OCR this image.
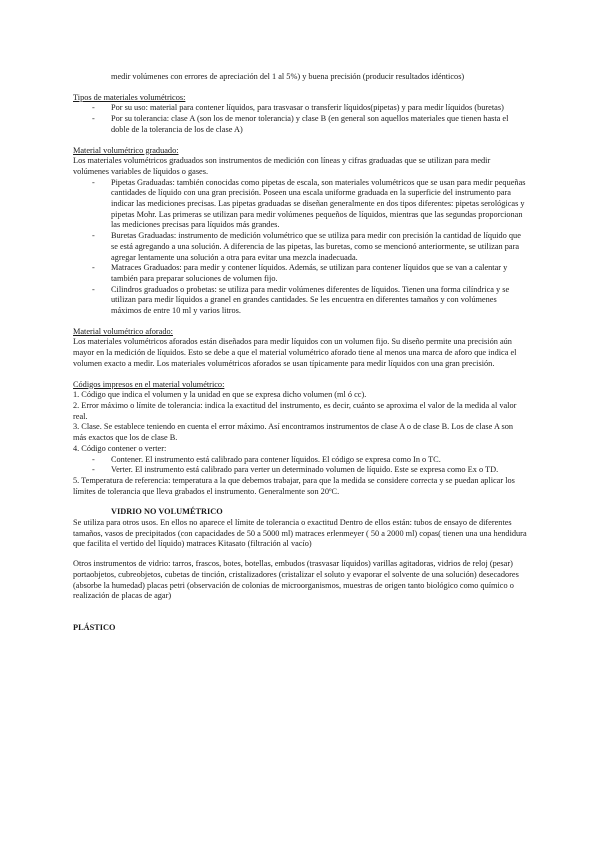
medir volúmenes con errores de apreciación del 1 al 5%) y buena precisión (producir resultados idénticos)

Tipos de materiales volumétricos:

- Por su uso: material para contener líquidos, para trasvasar o transferir líquidos(pipetas) y para medir líquidos (buretas)
- Por su tolerancia: clase A (son los de menor tolerancia) y clase B (en general son aquellos materiales que tienen hasta el doble de la tolerancia de los de clase A)

Material volumétrico graduado:

Los materiales volumétricos graduados son instrumentos de medición con líneas y cifras graduadas que se utilizan para medir volúmenes variables de líquidos o gases.

- Pipetas Graduadas: también conocidas como pipetas de escala, son materiales volumétricos que se usan para medir pequeñas cantidades de líquido con una gran precisión. Poseen una escala uniforme graduada en la superficie del instrumento para indicar las mediciones precisas. Las pipetas graduadas se diseñan generalmente en dos tipos diferentes: pipetas serológicas y pipetas Mohr. Las primeras se utilizan para medir volúmenes pequeños de líquidos, mientras que las segundas proporcionan las mediciones precisas para líquidos más grandes.
- Buretas Graduadas: instrumento de medición volumétrico que se utiliza para medir con precisión la cantidad de líquido que se está agregando a una solución. A diferencia de las pipetas, las buretas, como se mencionó anteriormente, se utilizan para agregar lentamente una solución a otra para evitar una mezcla inadecuada.
- Matraces Graduados: para medir y contener líquidos. Además, se utilizan para contener líquidos que se van a calentar y también para preparar soluciones de volumen fijo.
- Cilindros graduados o probetas: se utiliza para medir volúmenes diferentes de líquidos. Tienen una forma cilíndrica y se utilizan para medir líquidos a granel en grandes cantidades. Se les encuentra en diferentes tamaños y con volúmenes máximos de entre 10 ml y varios litros.

Material volumétrico aforado:

Los materiales volumétricos aforados están diseñados para medir líquidos con un volumen fijo. Su diseño permite una precisión aún mayor en la medición de líquidos. Esto se debe a que el material volumétrico aforado tiene al menos una marca de aforo que indica el volumen exacto a medir. Los materiales volumétricos aforados se usan típicamente para medir líquidos con una gran precisión.

Códigos impresos en el material volumétrico:

1. Código que indica el volumen y la unidad en que se expresa dicho volumen (ml ó cc).

2. Error máximo o límite de tolerancia: indica la exactitud del instrumento, es decir, cuánto se aproxima el valor de la medida al valor real.

3. Clase. Se establece teniendo en cuenta el error máximo. Así encontramos instrumentos de clase A o de clase B. Los de clase A son más exactos que los de clase B.

4. Código contener o verter:

- Contener. El instrumento está calibrado para contener líquidos. El código se expresa como In o TC.
- Verter. El instrumento está calibrado para verter un determinado volumen de líquido. Este se expresa como Ex o TD.

5. Temperatura de referencia: temperatura a la que debemos trabajar, para que la medida se considere correcta y se puedan aplicar los límites de tolerancia que lleva grabados el instrumento. Generalmente son 20ºC.

VIDRIO NO VOLUMÉTRICO

Se utiliza para otros usos. En ellos no aparece el límite de tolerancia o exactitud Dentro de ellos están: tubos de ensayo de diferentes tamaños, vasos de precipitados (con capacidades de 50 a 5000 ml) matraces erlenmeyer ( 50 a 2000 ml) copas( tienen una una hendidura que facilita el vertido del líquido) matraces Kitasato (filtración al vacío)

Otros instrumentos de vidrio: tarros, frascos, botes, botellas, embudos (trasvasar líquidos) varillas agitadoras, vidrios de reloj (pesar) portaobjetos, cubreobjetos, cubetas de tinción, cristalizadores (cristalizar el soluto y evaporar el solvente de una solución) desecadores (absorbe la humedad) placas petri (observación de colonias de microorganismos, muestras de origen tanto biológico como químico o realización de placas de agar)

PLÁSTICO
